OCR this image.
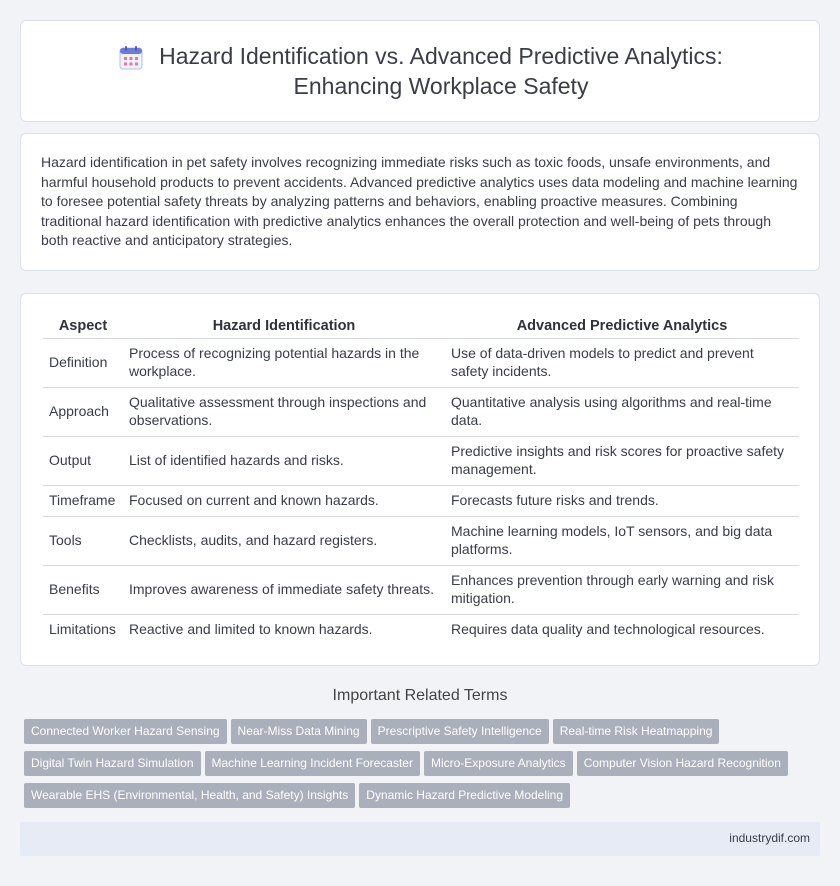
Hazard Identification vs. Advanced Predictive Analytics:
Enhancing Workplace Safety

Hazard identification in pet safety involves recognizing immediate risks such as toxic foods, unsafe environments, and harmful household products to prevent accidents. Advanced predictive analytics uses data modeling and machine learning to foresee potential safety threats by analyzing patterns and behaviors, enabling proactive measures. Combining traditional hazard identification with predictive analytics enhances the overall protection and well-being of pets through both reactive and anticipatory strategies.

Aspect	Hazard Identification	Advanced Predictive Analytics
Definition	Process of recognizing potential hazards in the workplace.	Use of data-driven models to predict and prevent safety incidents.
Approach	Qualitative assessment through inspections and observations.	Quantitative analysis using algorithms and real-time data.
Output	List of identified hazards and risks.	Predictive insights and risk scores for proactive safety management.
Timeframe	Focused on current and known hazards.	Forecasts future risks and trends.
Tools	Checklists, audits, and hazard registers.	Machine learning models, IoT sensors, and big data platforms.
Benefits	Improves awareness of immediate safety threats.	Enhances prevention through early warning and risk mitigation.
Limitations	Reactive and limited to known hazards.	Requires data quality and technological resources.
Important Related Terms
Connected Worker Hazard Sensing Near-Miss Data Mining Prescriptive Safety Intelligence Real-time Risk Heatmapping
Digital Twin Hazard Simulation Machine Learning Incident Forecaster Micro-Exposure Analytics Computer Vision Hazard Recognition
Wearable EHS (Environmental, Health, and Safety) Insights Dynamic Hazard Predictive Modeling
industrydif.com
